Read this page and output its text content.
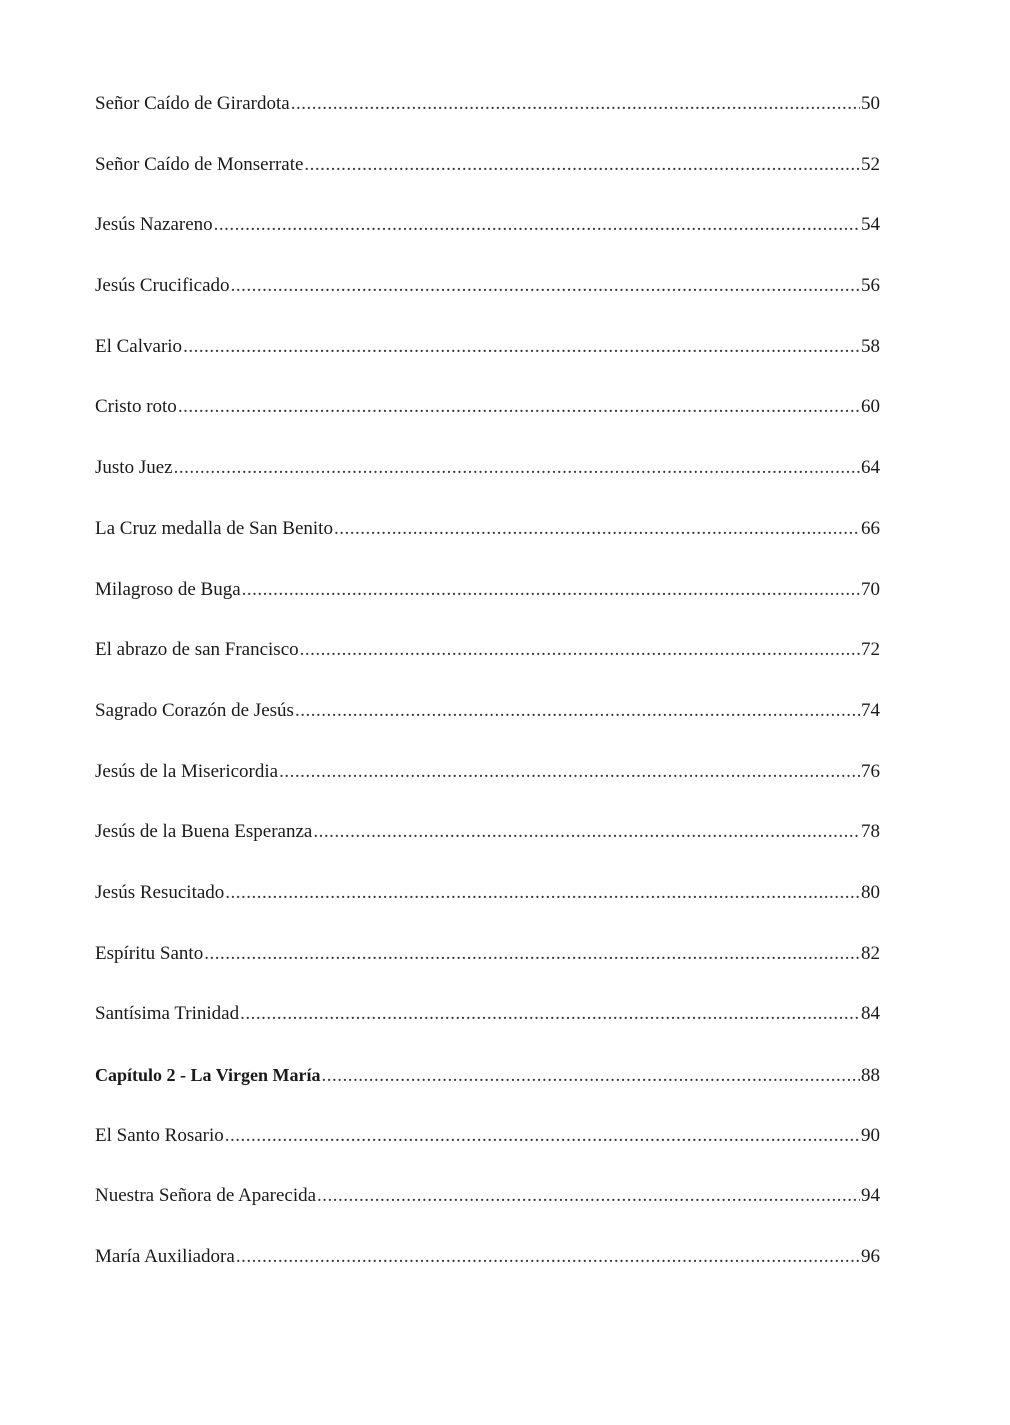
Señor Caído de Girardota .....	50
Señor Caído de Monserrate .....	52
Jesús Nazareno .....	54
Jesús Crucificado .....	56
El Calvario .....	58
Cristo roto .....	60
Justo Juez .....	64
La Cruz medalla de San Benito .....	66
Milagroso de Buga .....	70
El abrazo de san Francisco .....	72
Sagrado Corazón de Jesús .....	74
Jesús de la Misericordia .....	76
Jesús de la Buena Esperanza .....	78
Jesús Resucitado .....	80
Espíritu Santo .....	82
Santísima Trinidad .....	84
Capítulo 2 - La Virgen María .....	88
El Santo Rosario .....	90
Nuestra Señora de Aparecida .....	94
María Auxiliadora .....	96
